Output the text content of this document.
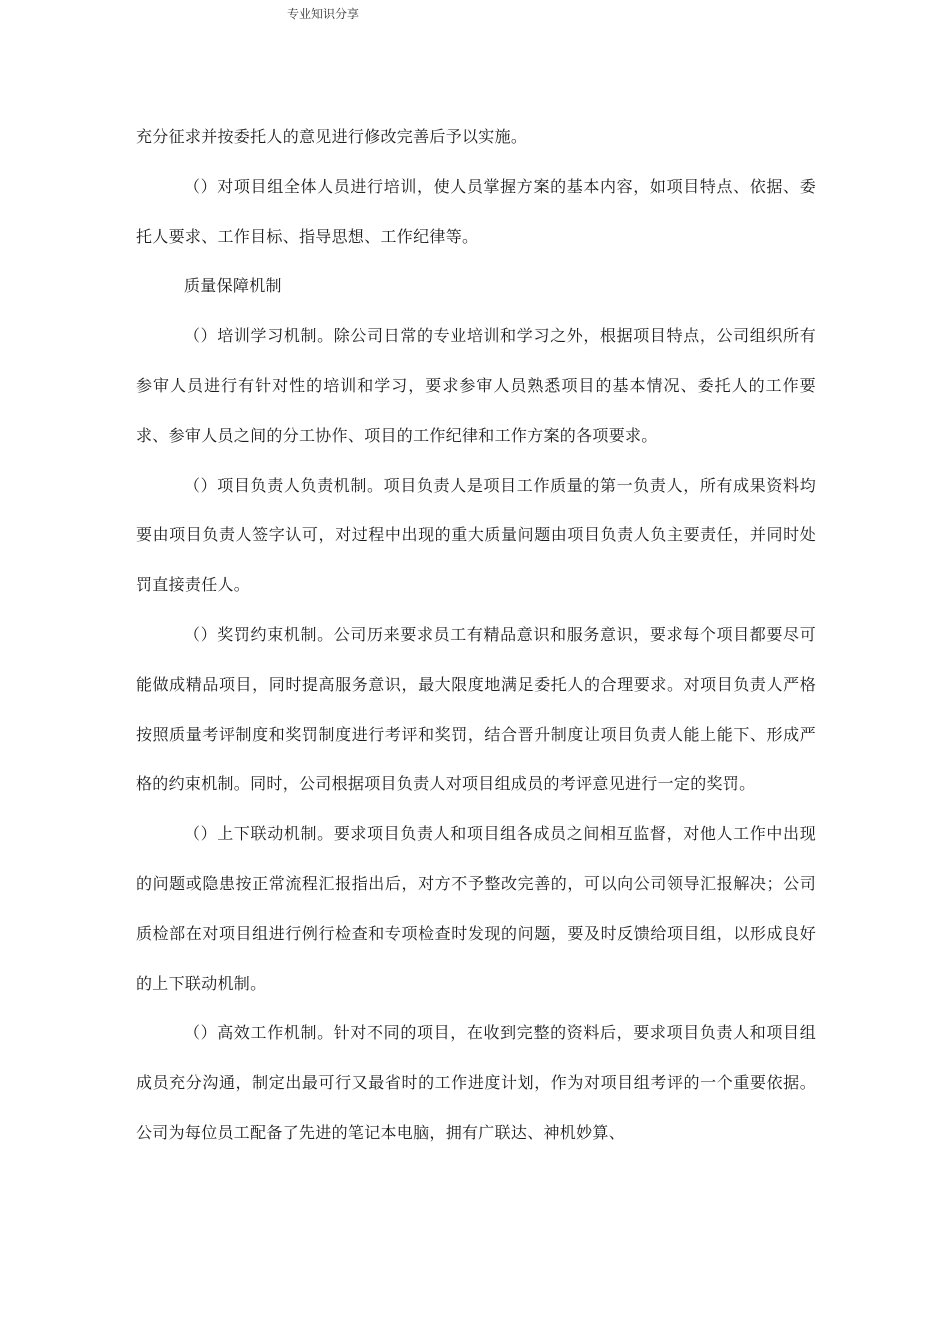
专业知识分享

充分征求并按委托人的意见进行修改完善后予以实施。

（）对项目组全体人员进行培训，使人员掌握方案的基本内容，如项目特点、依据、委托人要求、工作目标、指导思想、工作纪律等。

质量保障机制

（）培训学习机制。除公司日常的专业培训和学习之外，根据项目特点，公司组织所有参审人员进行有针对性的培训和学习，要求参审人员熟悉项目的基本情况、委托人的工作要求、参审人员之间的分工协作、项目的工作纪律和工作方案的各项要求。

（）项目负责人负责机制。项目负责人是项目工作质量的第一负责人，所有成果资料均要由项目负责人签字认可，对过程中出现的重大质量问题由项目负责人负主要责任，并同时处罚直接责任人。

（）奖罚约束机制。公司历来要求员工有精品意识和服务意识，要求每个项目都要尽可能做成精品项目，同时提高服务意识，最大限度地满足委托人的合理要求。对项目负责人严格按照质量考评制度和奖罚制度进行考评和奖罚，结合晋升制度让项目负责人能上能下、形成严格的约束机制。同时，公司根据项目负责人对项目组成员的考评意见进行一定的奖罚。

（）上下联动机制。要求项目负责人和项目组各成员之间相互监督，对他人工作中出现的问题或隐患按正常流程汇报指出后，对方不予整改完善的，可以向公司领导汇报解决；公司质检部在对项目组进行例行检查和专项检查时发现的问题，要及时反馈给项目组，以形成良好的上下联动机制。

（）高效工作机制。针对不同的项目，在收到完整的资料后，要求项目负责人和项目组成员充分沟通，制定出最可行又最省时的工作进度计划，作为对项目组考评的一个重要依据。公司为每位员工配备了先进的笔记本电脑，拥有广联达、神机妙算、
